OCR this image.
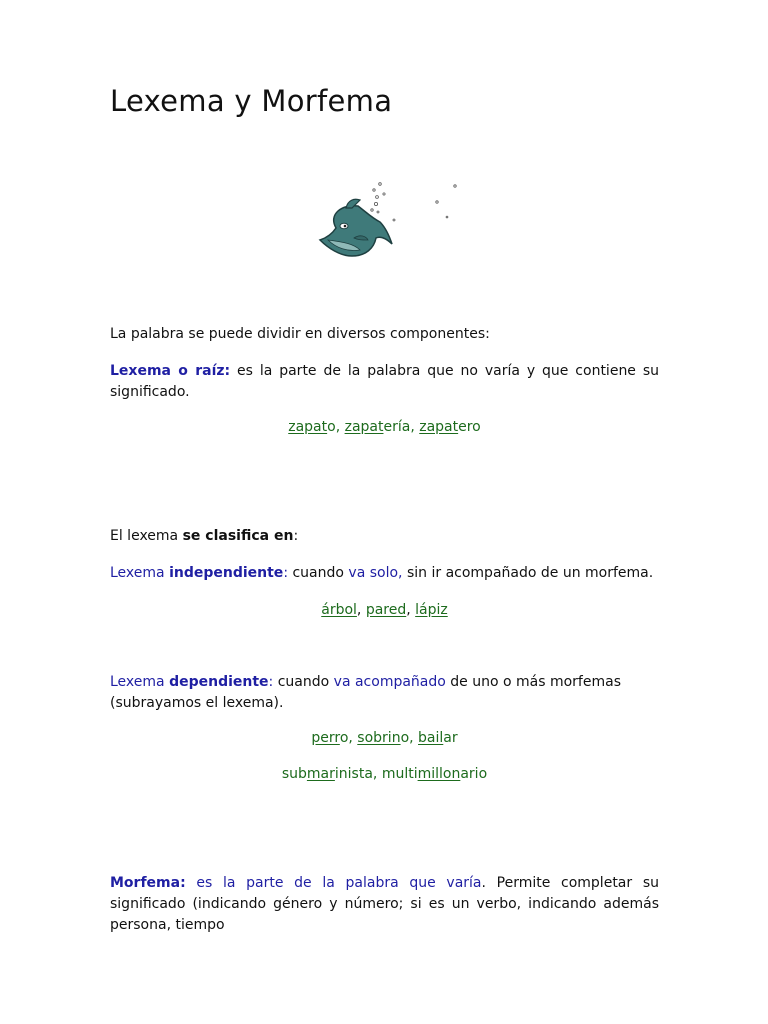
Lexema y Morfema

La palabra se puede dividir en diversos componentes:

Lexema o raíz: es la parte de la palabra que no varía y que contiene su significado.

zapato, zapatería, zapatero

El lexema se clasifica en:

Lexema independiente: cuando va solo, sin ir acompañado de un morfema.

árbol, pared, lápiz

Lexema dependiente: cuando va acompañado de uno o más morfemas
(subrayamos el lexema).

perro, sobrino, bailar

submarinista, multimillonario

Morfema: es la parte de la palabra que varía. Permite completar su significado (indicando género y número; si es un verbo, indicando además persona, tiempo
